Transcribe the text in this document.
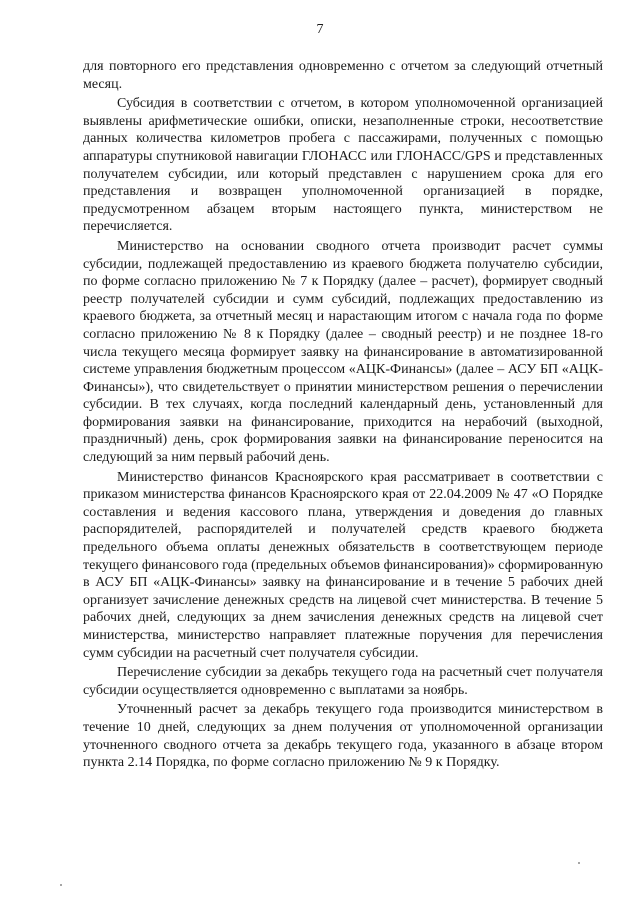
7

для повторного его представления одновременно с отчетом за следующий отчетный месяц.

Субсидия в соответствии с отчетом, в котором уполномоченной организацией выявлены арифметические ошибки, описки, незаполненные строки, несоответствие данных количества километров пробега с пассажирами, полученных с помощью аппаратуры спутниковой навигации ГЛОНАСС или ГЛОНАСС/GPS и представленных получателем субсидии, или который представлен с нарушением срока для его представления и возвращен уполномоченной организацией в порядке, предусмотренном абзацем вторым настоящего пункта, министерством не перечисляется.

Министерство на основании сводного отчета производит расчет суммы субсидии, подлежащей предоставлению из краевого бюджета получателю субсидии, по форме согласно приложению № 7 к Порядку (далее – расчет), формирует сводный реестр получателей субсидии и сумм субсидий, подлежащих предоставлению из краевого бюджета, за отчетный месяц и нарастающим итогом с начала года по форме согласно приложению № 8 к Порядку (далее – сводный реестр) и не позднее 18-го числа текущего месяца формирует заявку на финансирование в автоматизированной системе управления бюджетным процессом «АЦК-Финансы» (далее – АСУ БП «АЦК-Финансы»), что свидетельствует о принятии министерством решения о перечислении субсидии. В тех случаях, когда последний календарный день, установленный для формирования заявки на финансирование, приходится на нерабочий (выходной, праздничный) день, срок формирования заявки на финансирование переносится на следующий за ним первый рабочий день.

Министерство финансов Красноярского края рассматривает в соответствии с приказом министерства финансов Красноярского края от 22.04.2009 № 47 «О Порядке составления и ведения кассового плана, утверждения и доведения до главных распорядителей, распорядителей и получателей средств краевого бюджета предельного объема оплаты денежных обязательств в соответствующем периоде текущего финансового года (предельных объемов финансирования)» сформированную в АСУ БП «АЦК-Финансы» заявку на финансирование и в течение 5 рабочих дней организует зачисление денежных средств на лицевой счет министерства. В течение 5 рабочих дней, следующих за днем зачисления денежных средств на лицевой счет министерства, министерство направляет платежные поручения для перечисления сумм субсидии на расчетный счет получателя субсидии.

Перечисление субсидии за декабрь текущего года на расчетный счет получателя субсидии осуществляется одновременно с выплатами за ноябрь.

Уточненный расчет за декабрь текущего года производится министерством в течение 10 дней, следующих за днем получения от уполномоченной организации уточненного сводного отчета за декабрь текущего года, указанного в абзаце втором пункта 2.14 Порядка, по форме согласно приложению № 9 к Порядку.
